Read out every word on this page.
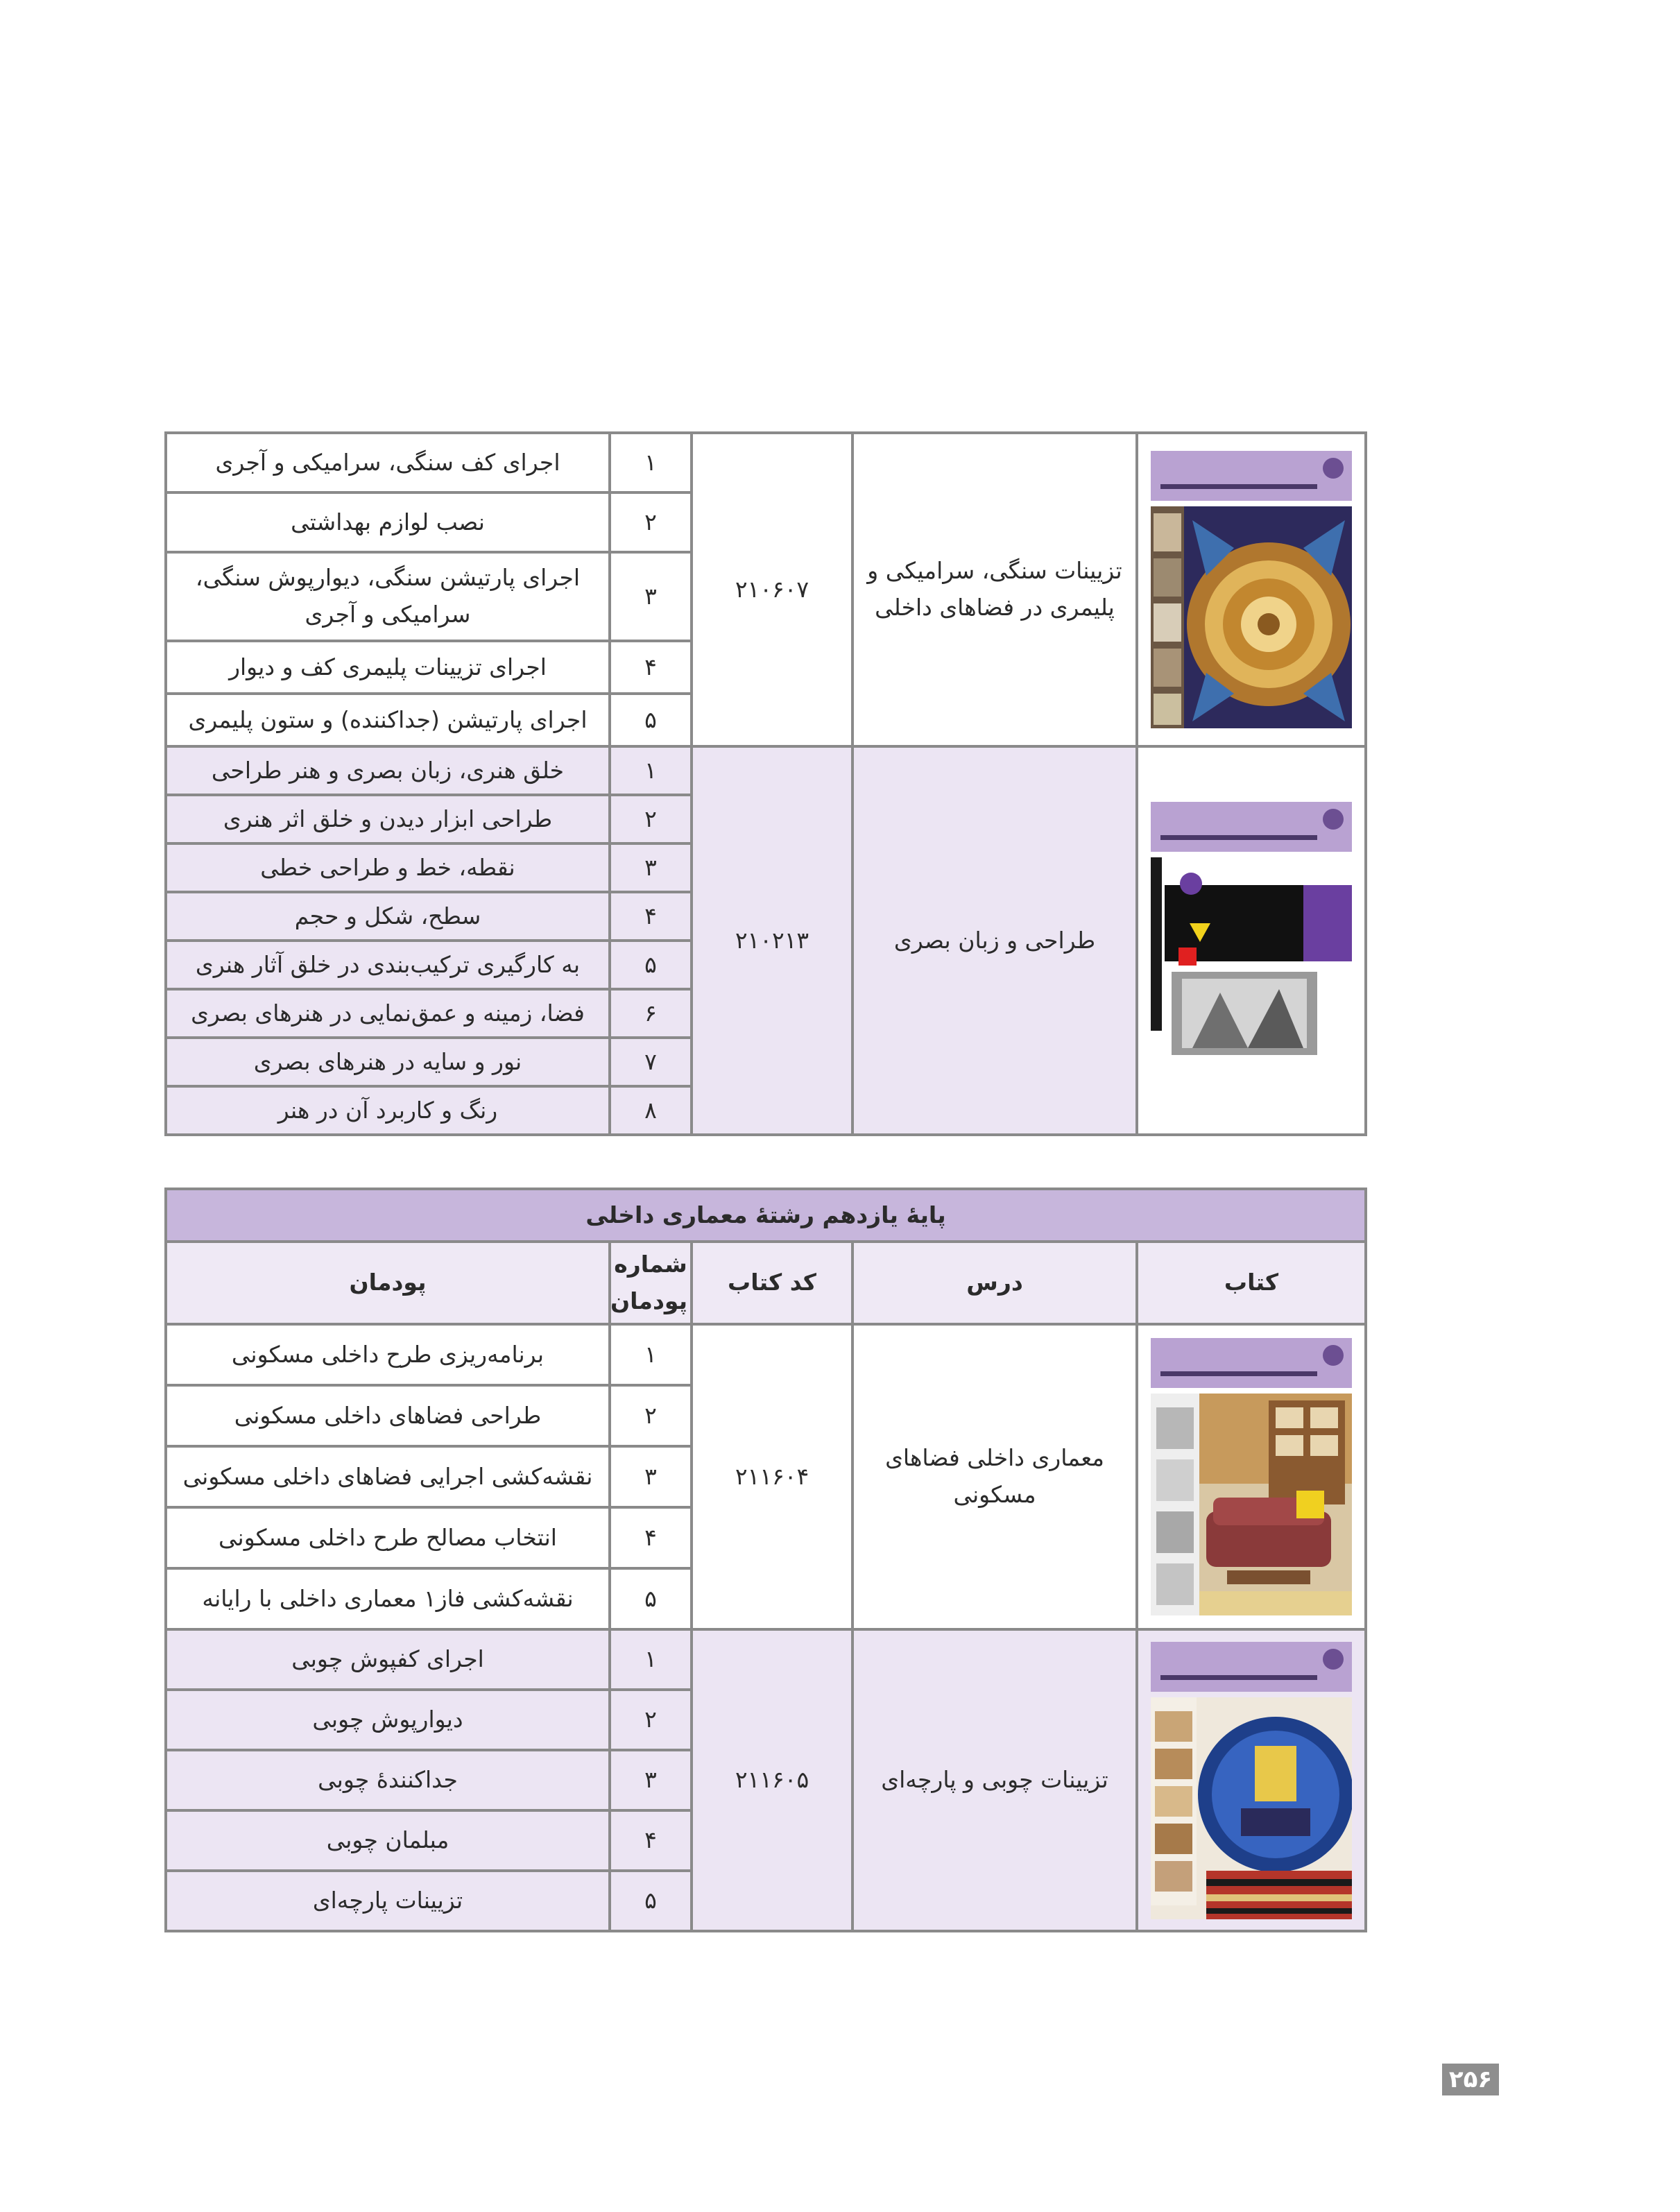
	تزیینات سنگی، سرامیکی و پلیمری در فضاهای داخلی	۲۱۰۶۰۷	۱	اجرای کف سنگی، سرامیکی و آجری
			۲	نصب لوازم بهداشتی
			۳	اجرای پارتیشن سنگی، دیوارپوش سنگی، سرامیکی و آجری
			۴	اجرای تزیینات پلیمری کف و دیوار
			۵	اجرای پارتیشن (جداکننده) و ستون پلیمری

	طراحی و زبان بصری	۲۱۰۲۱۳	۱	خلق هنری، زبان بصری و هنر طراحی
			۲	طراحی ابزار دیدن و خلق اثر هنری
			۳	نقطه، خط و طراحی خطی
			۴	سطح، شکل و حجم
			۵	به کارگیری ترکیب‌بندی در خلق آثار هنری
			۶	فضا، زمینه و عمق‌نمایی در هنرهای بصری
			۷	نور و سایه در هنرهای بصری
			۸	رنگ و کاربرد آن در هنر
پایۀ یازدهم رشتۀ معماری داخلی				
کتاب	درس	کد کتاب	شماره پودمان	پودمان

	معماری داخلی فضاهای مسکونی	۲۱۱۶۰۴	۱	برنامه‌ریزی طرح داخلی مسکونی
			۲	طراحی فضاهای داخلی مسکونی
			۳	نقشه‌کشی اجرایی فضاهای داخلی مسکونی
			۴	انتخاب مصالح طرح داخلی مسکونی
			۵	نقشه‌کشی فاز۱ معماری داخلی با رایانه

	تزیینات چوبی و پارچه‌ای	۲۱۱۶۰۵	۱	اجرای کفپوش چوبی
			۲	دیوارپوش چوبی
			۳	جداکنندۀ چوبی
			۴	مبلمان چوبی
			۵	تزیینات پارچه‌ای
۲۵۶
